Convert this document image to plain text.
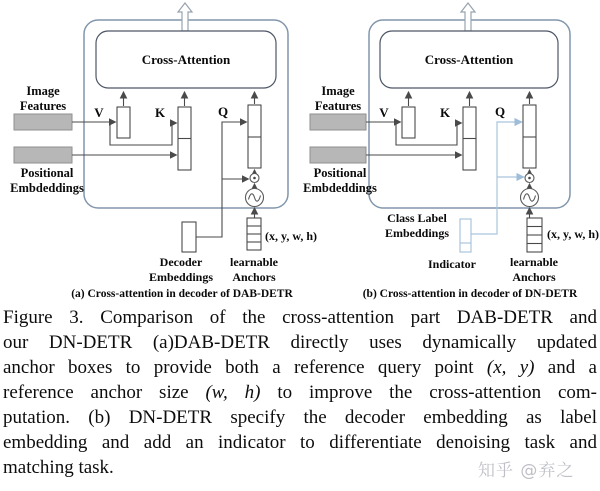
Cross-Attention
V	K	Q
Image
Features
Positional
Embdeddings
(x, y, w, h)
Decoder
Embeddings
learnable
Anchors
(a) Cross-attention in decoder of DAB-DETR
Cross-Attention
V	K	Q
Image
Features
Positional
Embdeddings
(x, y, w, h)
Class Label
Embeddings
Indicator	learnable
Anchors
(b) Cross-attention in decoder of DN-DETR
Figure 3. Comparison of the cross-attention part DAB-DETR and
our DN-DETR (a)DAB-DETR directly uses dynamically updated
anchor boxes to provide both a reference query point (x, y) and a
reference anchor size (w, h) to improve the cross-attention com-
putation. (b) DN-DETR specify the decoder embedding as label
embedding and add an indicator to differentiate denoising task and
matching task.	知乎 @弃之
